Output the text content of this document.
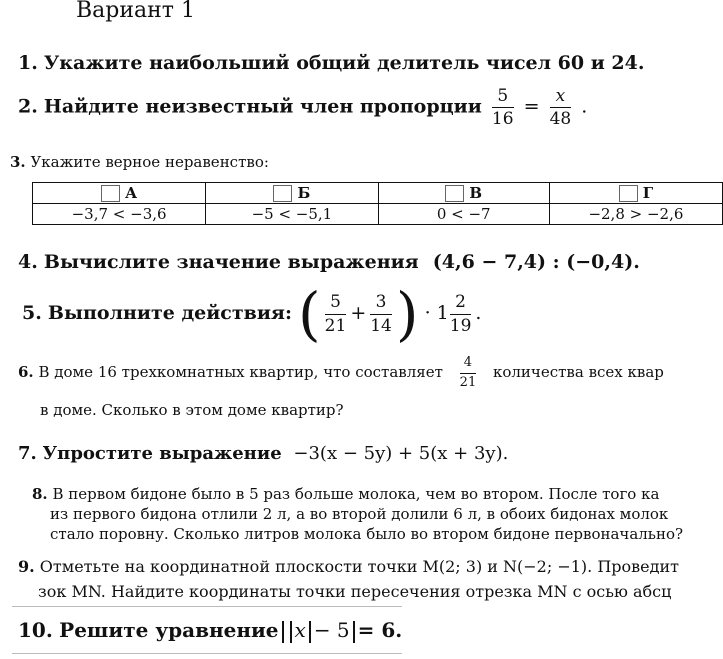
Вариант 1
1. Укажите наибольший общий делитель чисел 60 и 24.
2. Найдите неизвестный член пропорции $\frac{5}{16} = \frac{x}{48}$ .
3. Укажите верное неравенство:
А	Б	В	Г
−3,7 < −3,6	−5 < −5,1	0 < −7	−2,8 > −2,6
4. Вычислите значение выражения (4,6 − 7,4) : (−0,4).
5. Выполните действия: ( $\frac{5}{21} + \frac{3}{14}$ ) · $1 \frac{2}{19}$ .
6. В доме 16 трехкомнатных квартир, что составляет $\frac{4}{21}$ количества всех квар
в доме. Сколько в этом доме квартир?
7. Упростите выражение −3(x − 5y) + 5(x + 3y).
8. В первом бидоне было в 5 раз больше молока, чем во втором. После того ка
из первого бидона отлили 2 л, а во второй долили 6 л, в обоих бидонах молок
стало поровну. Сколько литров молока было во втором бидоне первоначально?
9. Отметьте на координатной плоскости точки M(2; 3) и N(−2; −1). Проведит
зок MN. Найдите координаты точки пересечения отрезка MN с осью абсц
10. Решите уравнение x − 5 = 6.
